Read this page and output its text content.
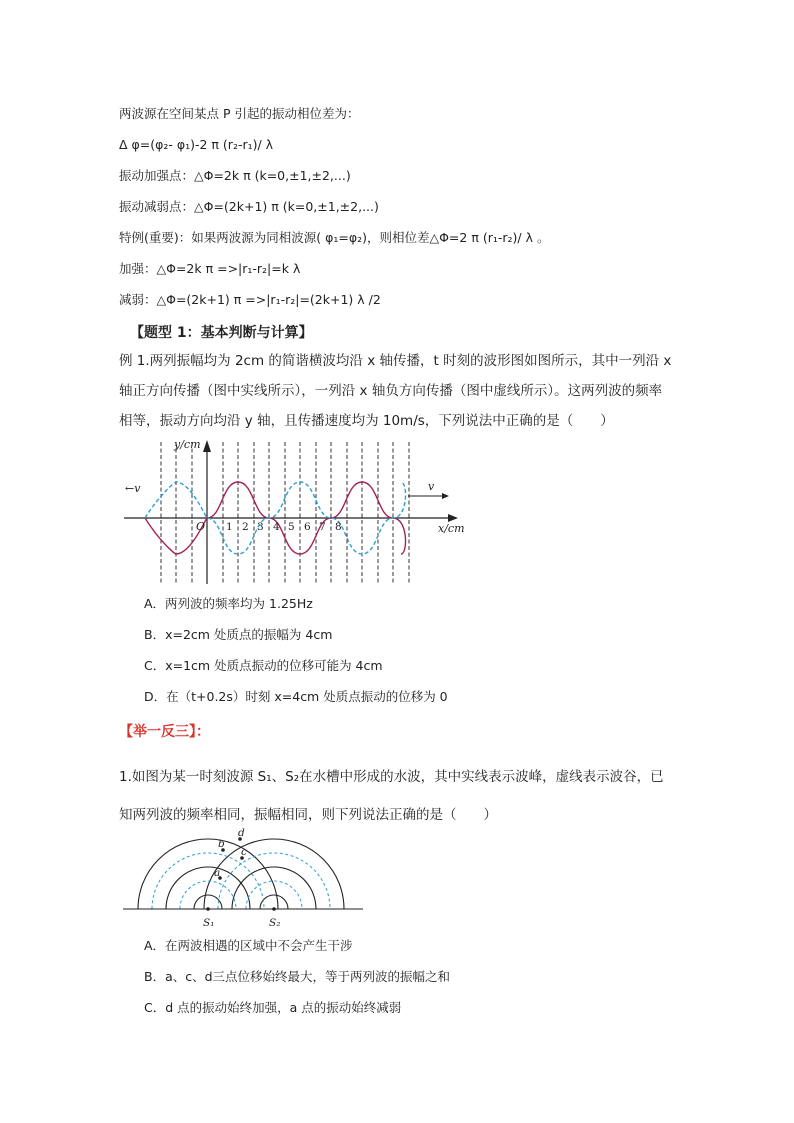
两波源在空间某点 P 引起的振动相位差为：
Δ φ=(φ₂- φ₁)-2 π (r₂-r₁)/ λ
振动加强点：△Φ=2k π (k=0,±1,±2,...)
振动减弱点：△Φ=(2k+1) π (k=0,±1,±2,...)
特例(重要)：如果两波源为同相波源( φ₁=φ₂)，则相位差△Φ=2 π (r₁-r₂)/ λ 。
加强：△Φ=2k π =>|r₁-r₂|=k λ
减弱：△Φ=(2k+1) π =>|r₁-r₂|=(2k+1) λ /2
【题型 1：基本判断与计算】
例 1.两列振幅均为 2cm 的简谐横波均沿 x 轴传播，t 时刻的波形图如图所示，其中一列沿 x
轴正方向传播（图中实线所示），一列沿 x 轴负方向传播（图中虚线所示）。这两列波的频率
相等，振动方向均沿 y 轴，且传播速度均为 10m/s，下列说法中正确的是（　　）
y/cm
x/cm
O
←v	v
1 2 3 4 5 6 7 8
A．两列波的频率均为 1.25Hz
B．x=2cm 处质点的振幅为 4cm
C．x=1cm 处质点振动的位移可能为 4cm
D．在（t+0.2s）时刻 x=4cm 处质点振动的位移为 0
【举一反三】：
1.如图为某一时刻波源 S₁、S₂在水槽中形成的水波，其中实线表示波峰，虚线表示波谷，已
知两列波的频率相同，振幅相同，则下列说法正确的是（　　）
a
b
c
d
S₁	S₂
A．在两波相遇的区域中不会产生干涉
B．a、c、d三点位移始终最大，等于两列波的振幅之和
C．d 点的振动始终加强，a 点的振动始终减弱
